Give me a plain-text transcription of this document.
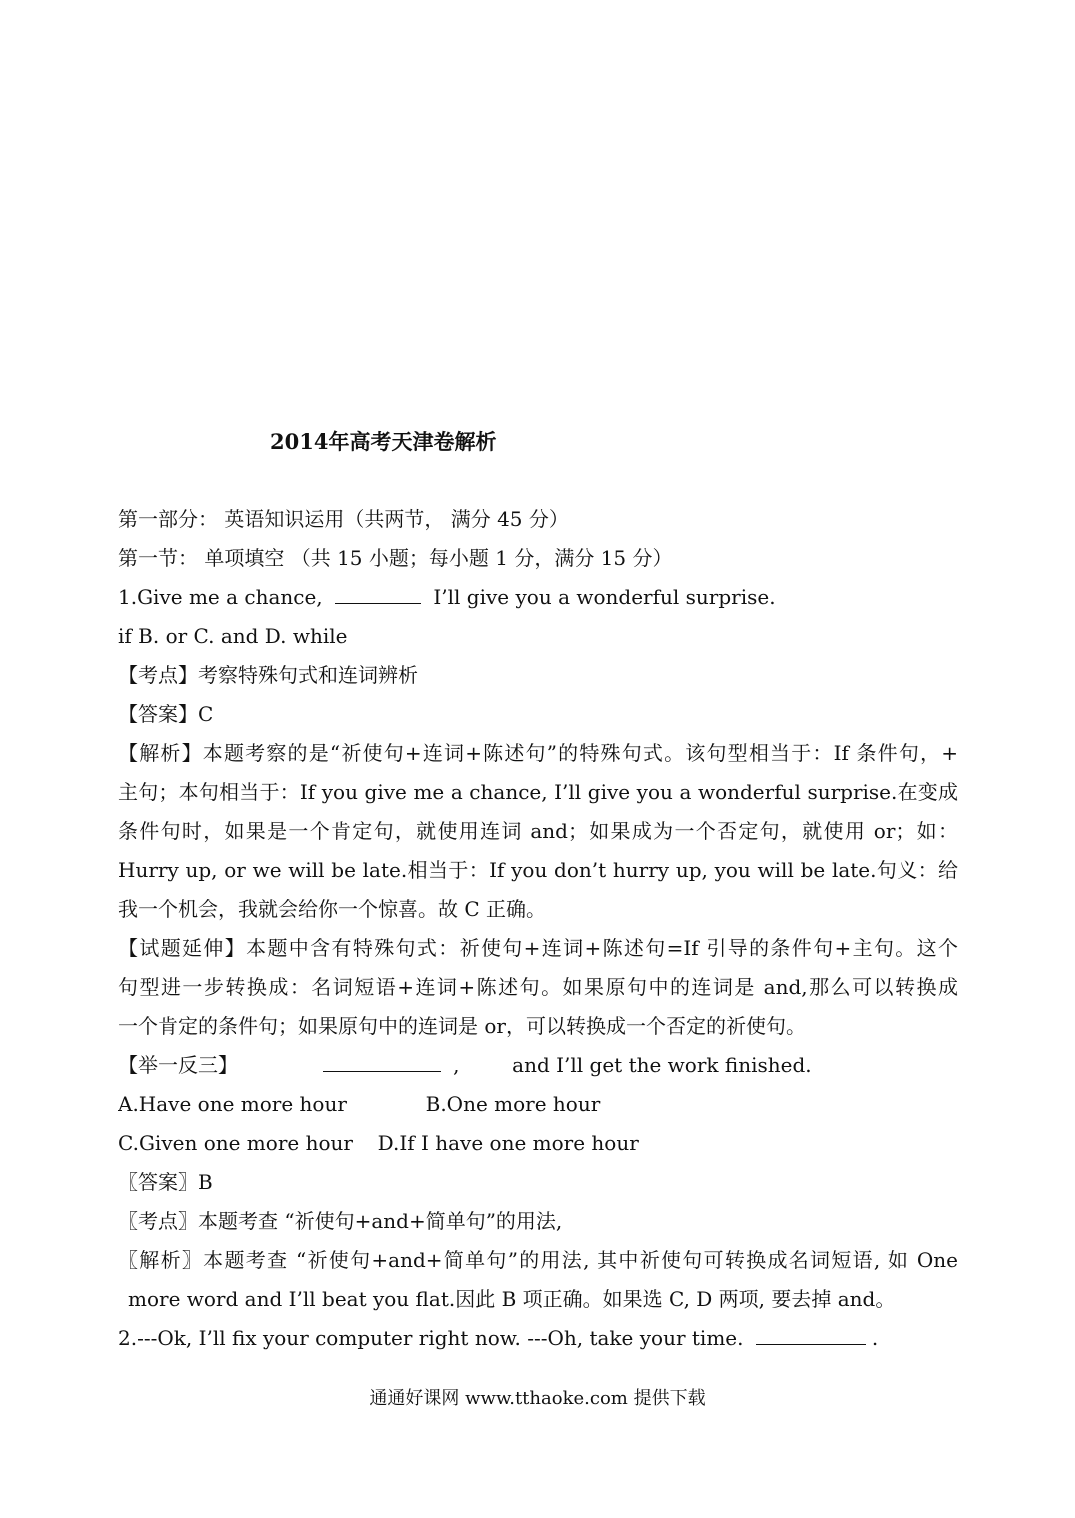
2014年高考天津卷解析
第一部分： 英语知识运用（共两节， 满分 45 分）
第一节： 单项填空 （共 15 小题；每小题 1 分，满分 15 分）
1.Give me a chance,	I’ll give you a wonderful surprise.
if B. or C. and D. while
【考点】考察特殊句式和连词辨析
【答案】C
【解析】本题考察的是“祈使句+连词+陈述句”的特殊句式。该句型相当于：If 条件句，+
主句；本句相当于：If you give me a chance, I’ll give you a wonderful surprise.在变成
条件句时，如果是一个肯定句，就使用连词 and；如果成为一个否定句，就使用 or；如：
Hurry up, or we will be late.相当于：If you don’t hurry up, you will be late.句义：给
我一个机会，我就会给你一个惊喜。故 C 正确。
【试题延伸】本题中含有特殊句式：祈使句+连词+陈述句=If 引导的条件句+主句。这个
句型进一步转换成：名词短语+连词+陈述句。如果原句中的连词是 and,那么可以转换成
一个肯定的条件句；如果原句中的连词是 or，可以转换成一个否定的祈使句。
【举一反三】	,	and I’ll get the work finished.
A.Have one more hour	B.One more hour
C.Given one more hour D.If I have one more hour
〖答案〗B
〖考点〗本题考查 “祈使句+and+简单句”的用法,
〖解析〗本题考查 “祈使句+and+简单句”的用法, 其中祈使句可转换成名词短语, 如 One
more word and I’ll beat you flat.因此 B 项正确。如果选 C, D 两项, 要去掉 and。
2.---Ok, I’ll fix your computer right now. ---Oh, take your time.	.
通通好课网 www.tthaoke.com 提供下载
